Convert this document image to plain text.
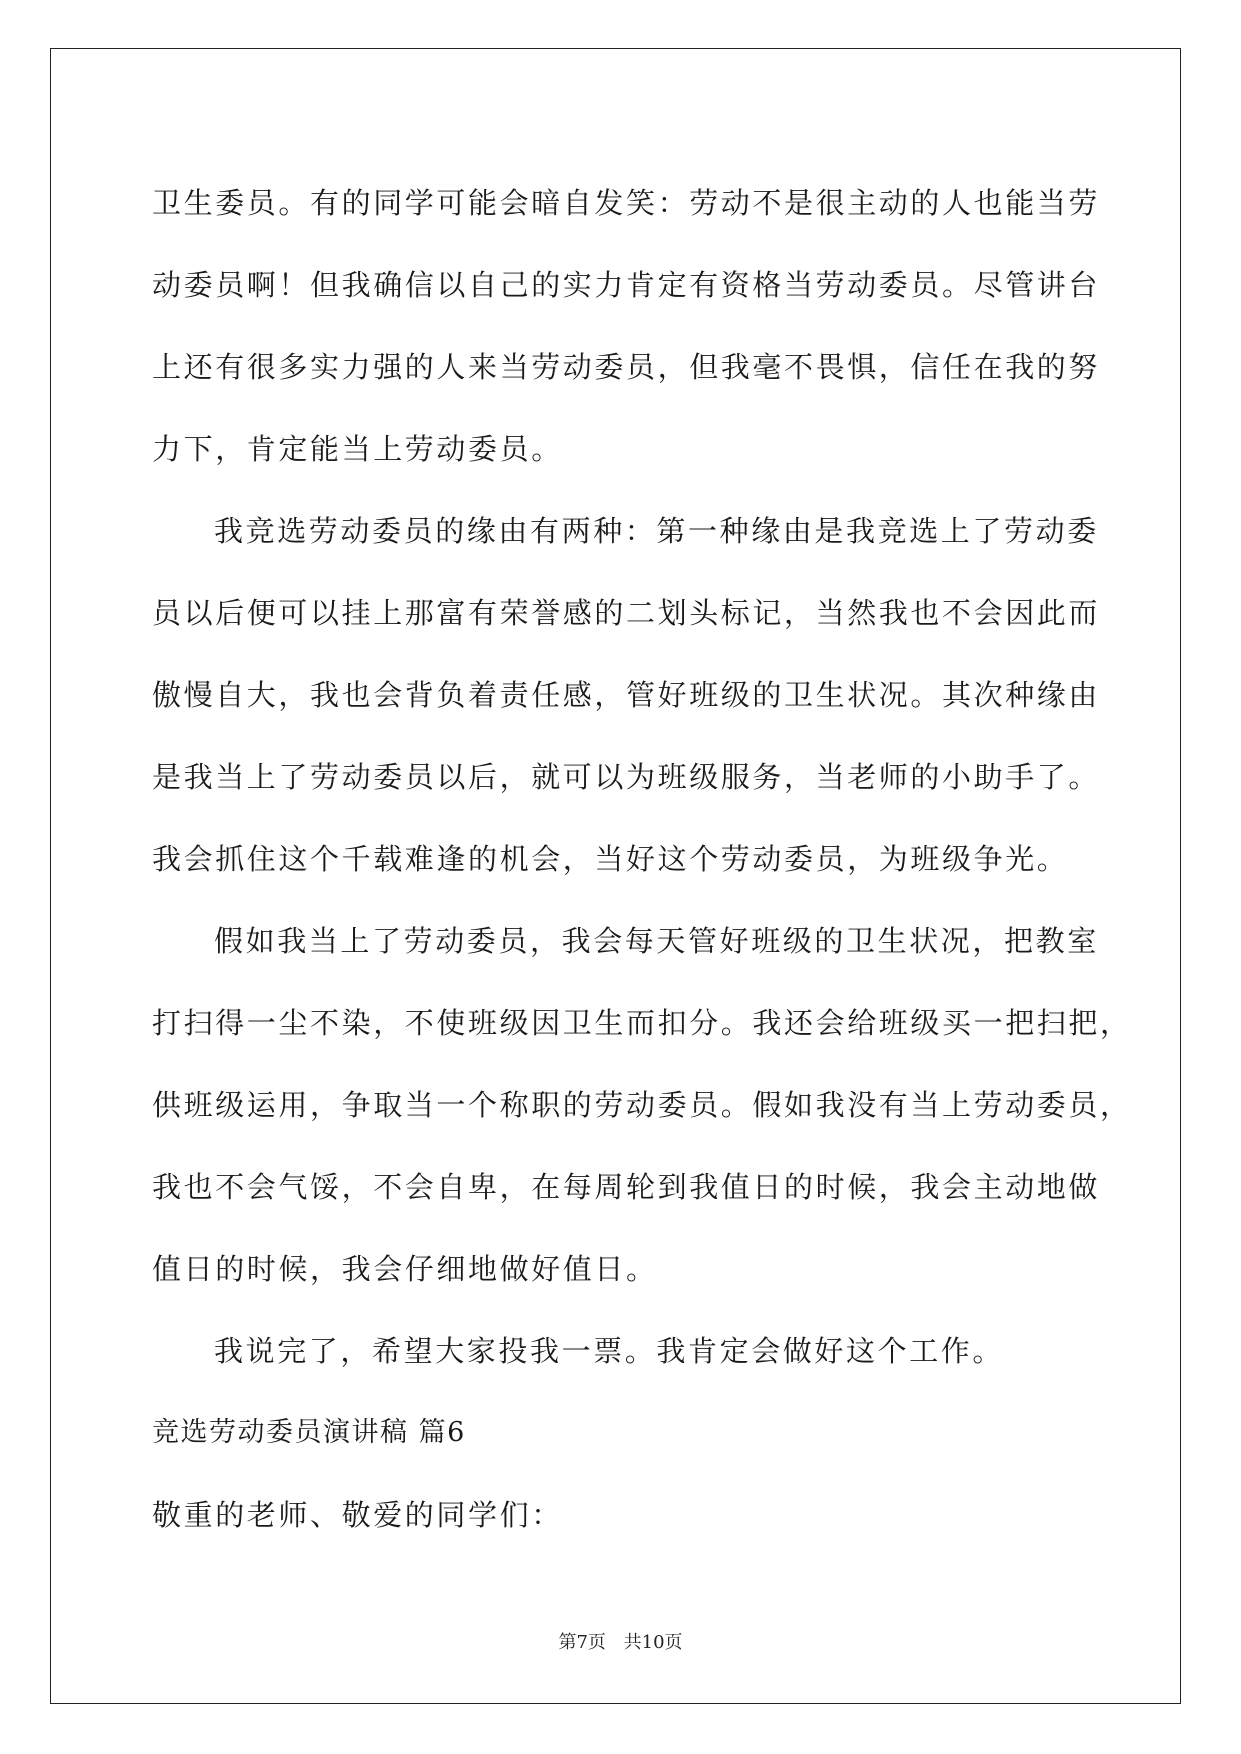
卫生委员。有的同学可能会暗自发笑：劳动不是很主动的人也能当劳
动委员啊！但我确信以自己的实力肯定有资格当劳动委员。尽管讲台
上还有很多实力强的人来当劳动委员，但我毫不畏惧，信任在我的努
力下，肯定能当上劳动委员。
我竞选劳动委员的缘由有两种：第一种缘由是我竞选上了劳动委
员以后便可以挂上那富有荣誉感的二划头标记，当然我也不会因此而
傲慢自大，我也会背负着责任感，管好班级的卫生状况。其次种缘由
是我当上了劳动委员以后，就可以为班级服务，当老师的小助手了。
我会抓住这个千载难逢的机会，当好这个劳动委员，为班级争光。
假如我当上了劳动委员，我会每天管好班级的卫生状况，把教室
打扫得一尘不染，不使班级因卫生而扣分。我还会给班级买一把扫把，
供班级运用，争取当一个称职的劳动委员。假如我没有当上劳动委员，
我也不会气馁，不会自卑，在每周轮到我值日的时候，我会主动地做
值日的时候，我会仔细地做好值日。
我说完了，希望大家投我一票。我肯定会做好这个工作。
竞选劳动委员演讲稿 篇6
敬重的老师、敬爱的同学们：
第7页 共10页
